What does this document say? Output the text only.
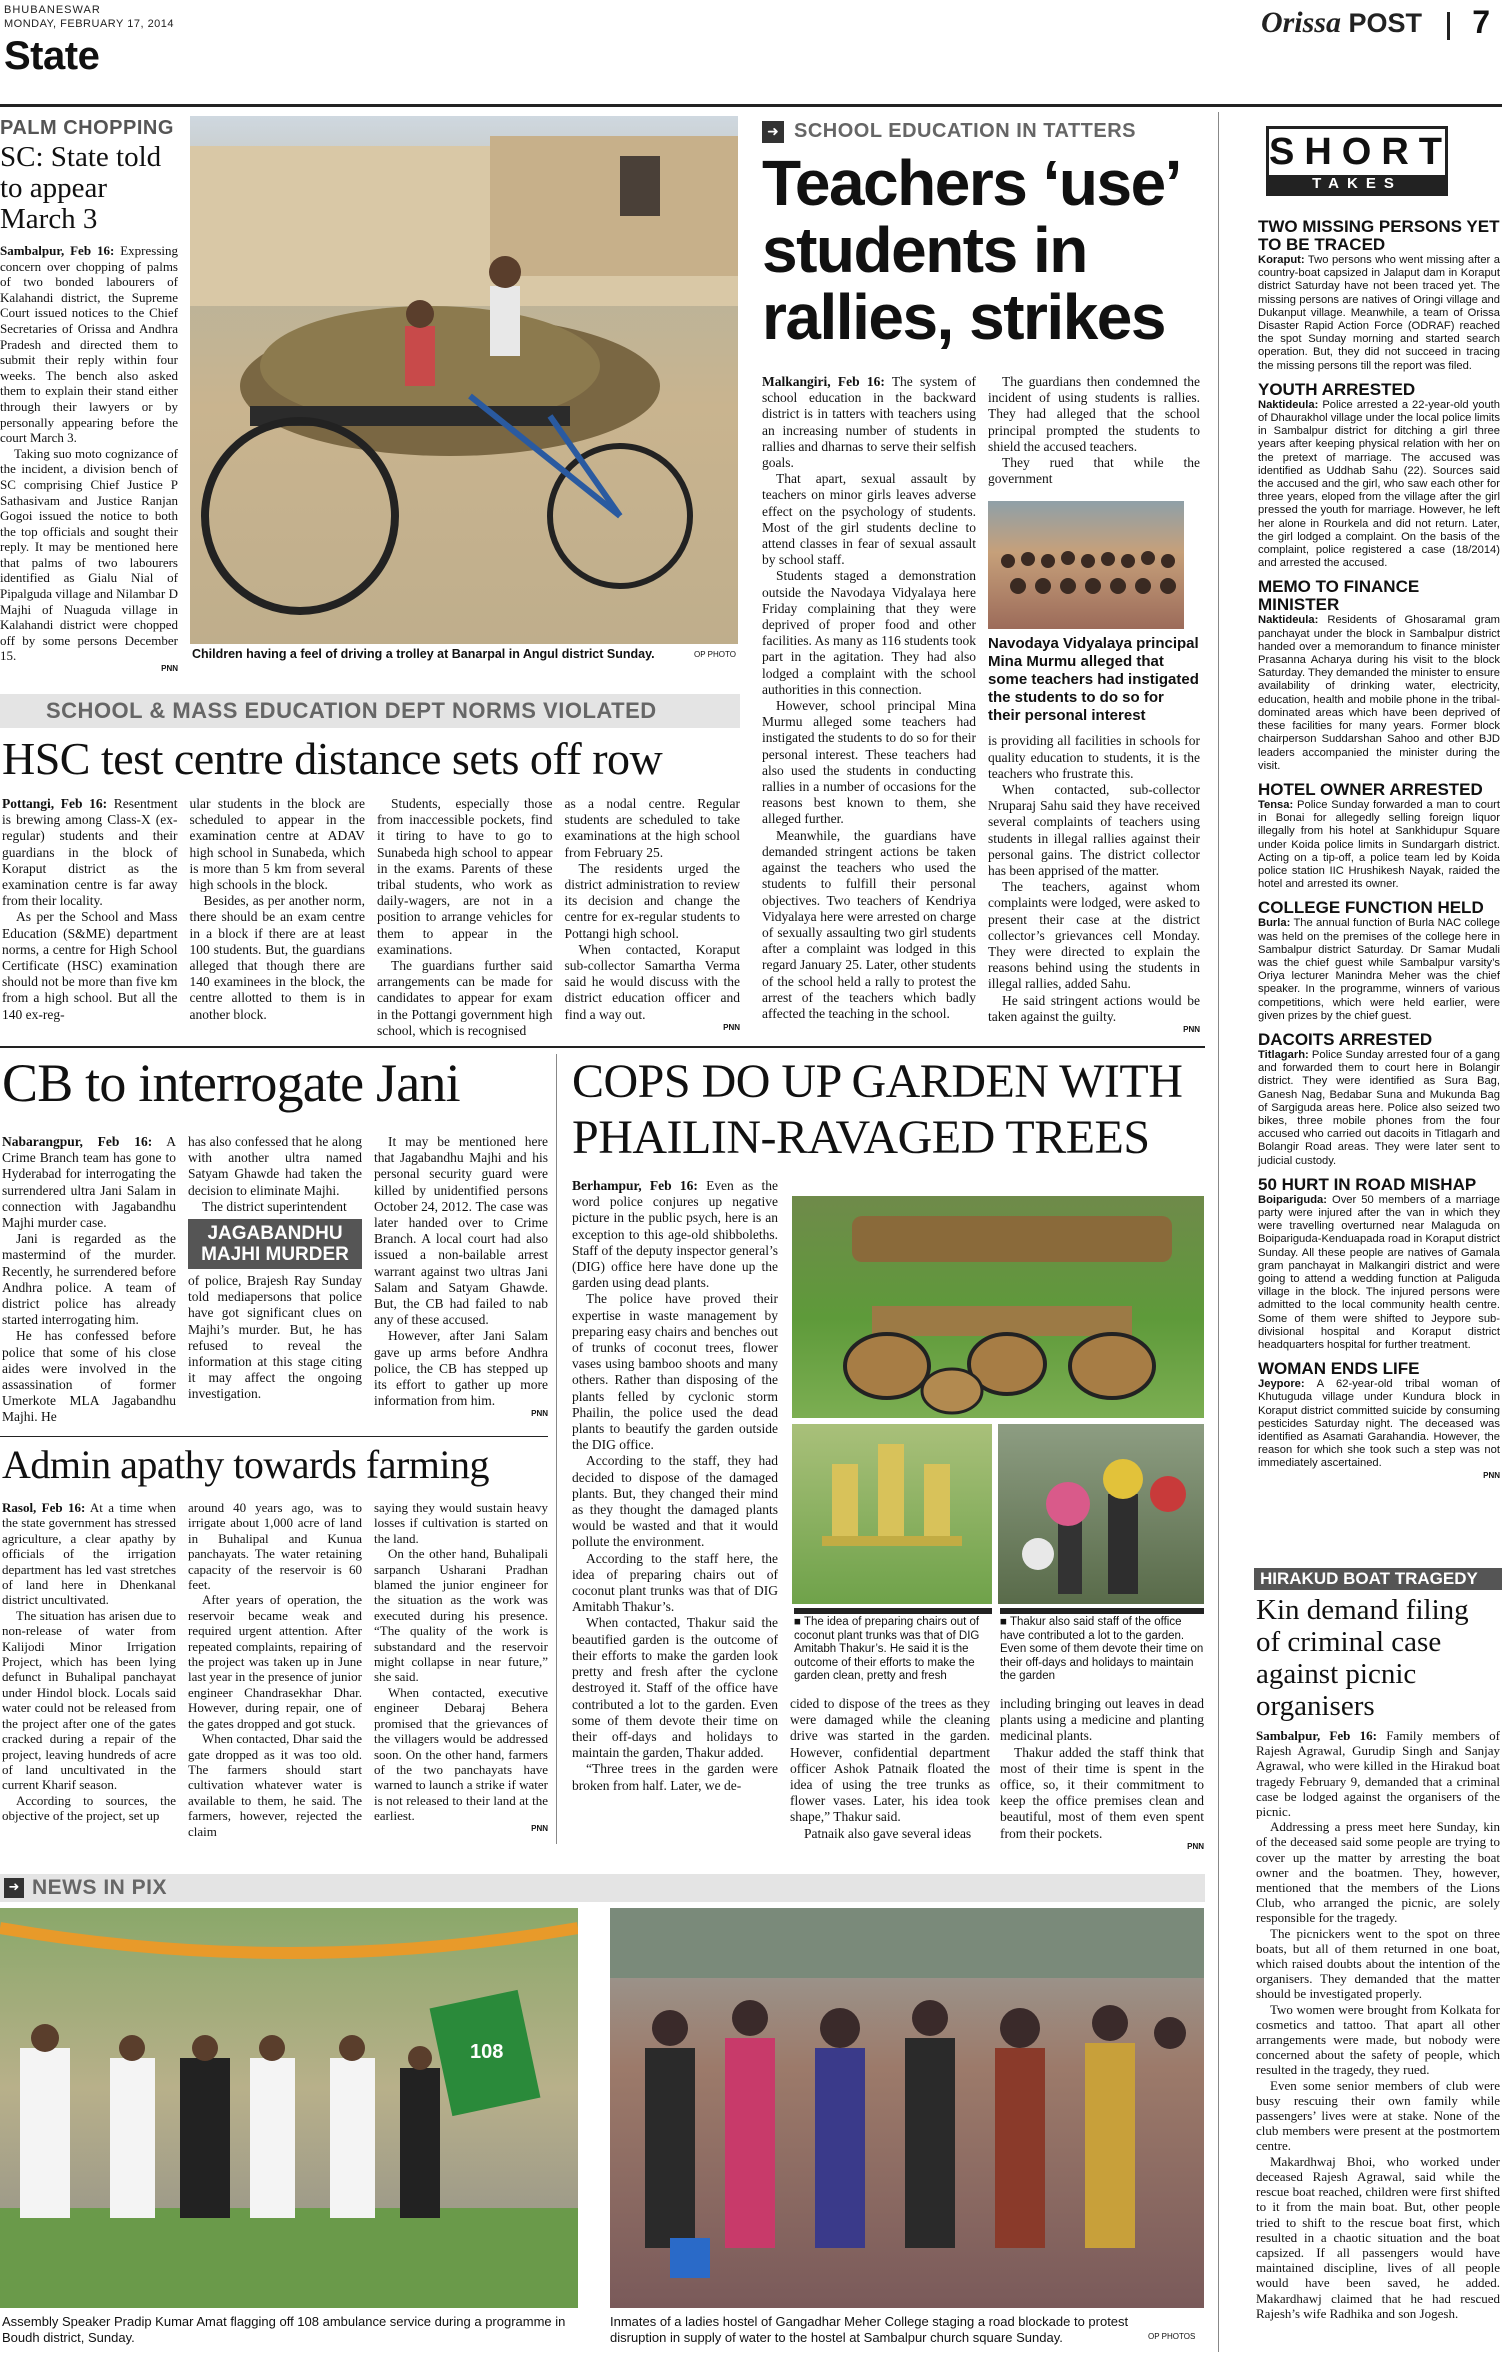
BHUBANESWAR
MONDAY, FEBRUARY 17, 2014	Orissa POST 7
State
PALM CHOPPING
SC: State told to appear March 3

Sambalpur, Feb 16: Expressing concern over chopping of palms of two bonded labourers of Kalahandi district, the Supreme Court issued notices to the Chief Secretaries of Orissa and Andhra Pradesh and directed them to submit their reply within four weeks. The bench also asked them to explain their stand either through their lawyers or by personally appearing before the court March 3.

Taking suo moto cognizance of the incident, a division bench of SC comprising Chief Justice P Sathasivam and Justice Ranjan Gogoi issued the notice to both the top officials and sought their reply. It may be mentioned here that palms of two labourers identified as Gialu Nial of Pipalguda village and Nilambar D Majhi of Nuaguda village in Kalahandi district were chopped off by some persons December 15.

PNN
Children having a feel of driving a trolley at Banarpal in Angul district Sunday.	OP PHOTO
➜ SCHOOL EDUCATION IN TATTERS
Teachers ‘use’ students in rallies, strikes

Malkangiri, Feb 16: The system of school education in the backward district is in tatters with teachers using an increasing number of students in rallies and dharnas to serve their selfish goals.

That apart, sexual assault by teachers on minor girls leaves adverse effect on the psychology of students. Most of the girl students decline to attend classes in fear of sexual assault by school staff.

Students staged a demonstration outside the Navodaya Vidyalaya here Friday complaining that they were deprived of proper food and other facilities. As many as 116 students took part in the agitation. They had also lodged a complaint with the school authorities in this connection.

However, school principal Mina Murmu alleged some teachers had instigated the students to do so for their personal interest. These teachers had also used the students in conducting rallies in a number of occasions for the reasons best known to them, she alleged further.

Meanwhile, the guardians have demanded stringent actions be taken against the teachers who used the students to fulfill their personal objectives. Two teachers of Kendriya Vidyalaya here were arrested on charge of sexually assaulting two girl students after a complaint was lodged in this regard January 25. Later, other students of the school held a rally to protest the arrest of the teachers which badly affected the teaching in the school.

The guardians then condemned the incident of using students is rallies. They had alleged that the school principal prompted the students to shield the accused teachers.

They rued that while the government

Navodaya Vidyalaya principal Mina Murmu alleged that some teachers had instigated the students to do so for their personal interest

is providing all facilities in schools for quality education to students, it is the teachers who frustrate this.

When contacted, sub-collector Nruparaj Sahu said they have received several complaints of teachers using students in illegal rallies against their personal gains. The district collector has been apprised of the matter.

The teachers, against whom complaints were lodged, were asked to present their case at the district collector’s grievances cell Monday. They were directed to explain the reasons behind using the students in illegal rallies, added Sahu.

He said stringent actions would be taken against the guilty.

PNN
SCHOOL & MASS EDUCATION DEPT NORMS VIOLATED
HSC test centre distance sets off row

Pottangi, Feb 16: Resentment is brewing among Class-X (ex-regular) students and their guardians in the block of Koraput district as the examination centre is far away from their locality.

As per the School and Mass Education (S&ME) department norms, a centre for High School Certificate (HSC) examination should not be more than five km from a high school. But all the 140 ex-reg-

ular students in the block are scheduled to appear in the examination centre at ADAV high school in Sunabeda, which is more than 5 km from several high schools in the block.

Besides, as per another norm, there should be an exam centre in a block if there are at least 100 students. But, the guardians alleged that though there are 140 examinees in the block, the centre allotted to them is in another block.

Students, especially those from inaccessible pockets, find it tiring to have to go to Sunabeda high school to appear in the exams. Parents of these tribal students, who work as daily-wagers, are not in a position to arrange vehicles for them to appear in the examinations.

The guardians further said arrangements can be made for candidates to appear for exam in the Pottangi government high school, which is recognised

as a nodal centre. Regular students are scheduled to take examinations at the high school from February 25.

The residents urged the district administration to review its decision and change the centre for ex-regular students to Pottangi high school.

When contacted, Koraput sub-collector Samartha Verma said he would discuss with the district education officer and find a way out.

PNN
CB to interrogate Jani

Nabarangpur, Feb 16: A Crime Branch team has gone to Hyderabad for interrogating the surrendered ultra Jani Salam in connection with Jagabandhu Majhi murder case.

Jani is regarded as the mastermind of the murder. Recently, he surrendered before Andhra police. A team of district police has already started interrogating him.

He has confessed before police that some of his close aides were involved in the assassination of former Umerkote MLA Jagabandhu Majhi. He

has also confessed that he along with another ultra named Satyam Ghawde had taken the decision to eliminate Majhi.

The district superintendent

JAGABANDHU MAJHI MURDER

of police, Brajesh Ray Sunday told mediapersons that police have got significant clues on Majhi’s murder. But, he has refused to reveal the information at this stage citing it may affect the ongoing investigation.

It may be mentioned here that Jagabandhu Majhi and his personal security guard were killed by unidentified persons October 24, 2012. The case was later handed over to Crime Branch. A local court had also issued a non-bailable arrest warrant against two ultras Jani Salam and Satyam Ghawde. But, the CB had failed to nab any of these accused.

However, after Jani Salam gave up arms before Andhra police, the CB has stepped up its effort to gather up more information from him.

PNN
Admin apathy towards farming

Rasol, Feb 16: At a time when the state government has stressed agriculture, a clear apathy by officials of the irrigation department has led vast stretches of land here in Dhenkanal district uncultivated.

The situation has arisen due to non-release of water from Kalijodi Minor Irrigation Project, which has been lying defunct in Buhalipal panchayat under Hindol block. Locals said water could not be released from the project after one of the gates cracked during a repair of the project, leaving hundreds of acre of land uncultivated in the current Kharif season.

According to sources, the objective of the project, set up

around 40 years ago, was to irrigate about 1,000 acre of land in Buhalipal and Kunua panchayats. The water retaining capacity of the reservoir is 60 feet.

After years of operation, the reservoir became weak and required urgent attention. After repeated complaints, repairing of the project was taken up in June last year in the presence of junior engineer Chandrasekhar Dhar. However, during repair, one of the gates dropped and got stuck.

When contacted, Dhar said the gate dropped as it was too old. The farmers should start cultivation whatever water is available to them, he said. The farmers, however, rejected the claim

saying they would sustain heavy losses if cultivation is started on the land.

On the other hand, Buhalipali sarpanch Usharani Pradhan blamed the junior engineer for the situation as the work was executed during his presence. “The quality of the work is substandard and the reservoir might collapse in near future,” she said.

When contacted, executive engineer Debaraj Behera promised that the grievances of the villagers would be addressed soon. On the other hand, farmers of the two panchayats have warned to launch a strike if water is not released to their land at the earliest.

PNN
COPS DO UP GARDEN WITH
PHAILIN-RAVAGED TREES

Berhampur, Feb 16: Even as the word police conjures up negative picture in the public psych, here is an exception to this age-old shibboleths. Staff of the deputy inspector general’s (DIG) office here have done up the garden using dead plants.

The police have proved their expertise in waste management by preparing easy chairs and benches out of trunks of coconut trees, flower vases using bamboo shoots and many others. Rather than disposing of the plants felled by cyclonic storm Phailin, the police used the dead plants to beautify the garden outside the DIG office.

According to the staff, they had decided to dispose of the damaged plants. But, they changed their mind as they thought the damaged plants would be wasted and that it would pollute the environment.

According to the staff here, the idea of preparing chairs out of coconut plant trunks was that of DIG Amitabh Thakur’s.

When contacted, Thakur said the beautified garden is the outcome of their efforts to make the garden look pretty and fresh after the cyclone destroyed it. Staff of the office have contributed a lot to the garden. Even some of them devote their time on their off-days and holidays to maintain the garden, Thakur added.

“Three trees in the garden were broken from half. Later, we de-

■ The idea of preparing chairs out of coconut plant trunks was that of DIG Amitabh Thakur’s. He said it is the outcome of their efforts to make the garden clean, pretty and fresh
■ Thakur also said staff of the office have contributed a lot to the garden. Even some of them devote their time on their off-days and holidays to maintain the garden

cided to dispose of the trees as they were damaged while the cleaning drive was started in the garden. However, confidential department officer Ashok Patnaik floated the idea of using the tree trunks as flower vases. Later, his idea took shape,” Thakur said.

Patnaik also gave several ideas

including bringing out leaves in dead plants using a medicine and planting medicinal plants.

Thakur added the staff think that most of their time is spent in the office, so, it their commitment to keep the office premises clean and beautiful, most of them even spent from their pockets.

PNN
➜ NEWS IN PIX
108
Assembly Speaker Pradip Kumar Amat flagging off 108 ambulance service during a programme in Boudh district, Sunday.
Inmates of a ladies hostel of Gangadhar Meher College staging a road blockade to protest disruption in supply of water to the hostel at Sambalpur church square Sunday.	OP PHOTOS
SHORT
TAKES
TWO MISSING PERSONS YET TO BE TRACED

Koraput: Two persons who went missing after a country-boat capsized in Jalaput dam in Koraput district Saturday have not been traced yet. The missing persons are natives of Oringi village and Dukanput village. Meanwhile, a team of Orissa Disaster Rapid Action Force (ODRAF) reached the spot Sunday morning and started search operation. But, they did not succeed in tracing the missing persons till the report was filed.

YOUTH ARRESTED

Naktideula: Police arrested a 22-year-old youth of Dhaurakhol village under the local police limits in Sambalpur district for ditching a girl three years after keeping physical relation with her on the pretext of marriage. The accused was identified as Uddhab Sahu (22). Sources said the accused and the girl, who saw each other for three years, eloped from the village after the girl pressed the youth for marriage. However, he left her alone in Rourkela and did not return. Later, the girl lodged a complaint. On the basis of the complaint, police registered a case (18/2014) and arrested the accused.

MEMO TO FINANCE MINISTER

Naktideula: Residents of Ghosaramal gram panchayat under the block in Sambalpur district handed over a memorandum to finance minister Prasanna Acharya during his visit to the block Saturday. They demanded the minister to ensure availability of drinking water, electricity, education, health and mobile phone in the tribal-dominated areas which have been deprived of these facilities for many years. Former block chairperson Suddarshan Sahoo and other BJD leaders accompanied the minister during the visit.

HOTEL OWNER ARRESTED

Tensa: Police Sunday forwarded a man to court in Bonai for allegedly selling foreign liquor illegally from his hotel at Sankhidupur Square under Koida police limits in Sundargarh district. Acting on a tip-off, a police team led by Koida police station IIC Hrushikesh Nayak, raided the hotel and arrested its owner.

COLLEGE FUNCTION HELD

Burla: The annual function of Burla NAC college was held on the premises of the college here in Sambalpur district Saturday. Dr Samar Mudali was the chief guest while Sambalpur varsity’s Oriya lecturer Manindra Meher was the chief speaker. In the programme, winners of various competitions, which were held earlier, were given prizes by the chief guest.

DACOITS ARRESTED

Titlagarh: Police Sunday arrested four of a gang and forwarded them to court here in Bolangir district. They were identified as Sura Bag, Ganesh Nag, Bedabar Suna and Mukunda Bag of Sargiguda areas here. Police also seized two bikes, three mobile phones from the four accused who carried out dacoits in Titlagarh and Bolangir Road areas. They were later sent to judicial custody.

50 HURT IN ROAD MISHAP

Boipariguda: Over 50 members of a marriage party were injured after the van in which they were travelling overturned near Malaguda on Boipariguda-Kenduapada road in Koraput district Sunday. All these people are natives of Gamala gram panchayat in Malkangiri district and were going to attend a wedding function at Paliguda village in the block. The injured persons were admitted to the local community health centre. Some of them were shifted to Jeypore sub-divisional hospital and Koraput district headquarters hospital for further treatment.

WOMAN ENDS LIFE

Jeypore: A 62-year-old tribal woman of Khutuguda village under Kundura block in Koraput district committed suicide by consuming pesticides Saturday night. The deceased was identified as Asamati Garahandia. However, the reason for which she took such a step was not immediately ascertained.

PNN
HIRAKUD BOAT TRAGEDY
Kin demand filing of criminal case against picnic organisers

Sambalpur, Feb 16: Family members of Rajesh Agrawal, Gurudip Singh and Sanjay Agrawal, who were killed in the Hirakud boat tragedy February 9, demanded that a criminal case be lodged against the organisers of the picnic.

Addressing a press meet here Sunday, kin of the deceased said some people are trying to cover up the matter by arresting the boat owner and the boatmen. They, however, mentioned that the members of the Lions Club, who arranged the picnic, are solely responsible for the tragedy.

The picnickers went to the spot on three boats, but all of them returned in one boat, which raised doubts about the intention of the organisers. They demanded that the matter should be investigated properly.

Two women were brought from Kolkata for cosmetics and tattoo. That apart all other arrangements were made, but nobody were concerned about the safety of people, which resulted in the tragedy, they rued.

Even some senior members of club were busy rescuing their own family while passengers’ lives were at stake. None of the club members were present at the postmortem centre.

Makardhwaj Bhoi, who worked under deceased Rajesh Agrawal, said while the rescue boat reached, children were first shifted to it from the main boat. But, other people tried to shift to the rescue boat first, which resulted in a chaotic situation and the boat capsized. If all passengers would have maintained discipline, lives of all people would have been saved, he added. Makardhawj claimed that he had rescued Rajesh’s wife Radhika and son Jogesh.
